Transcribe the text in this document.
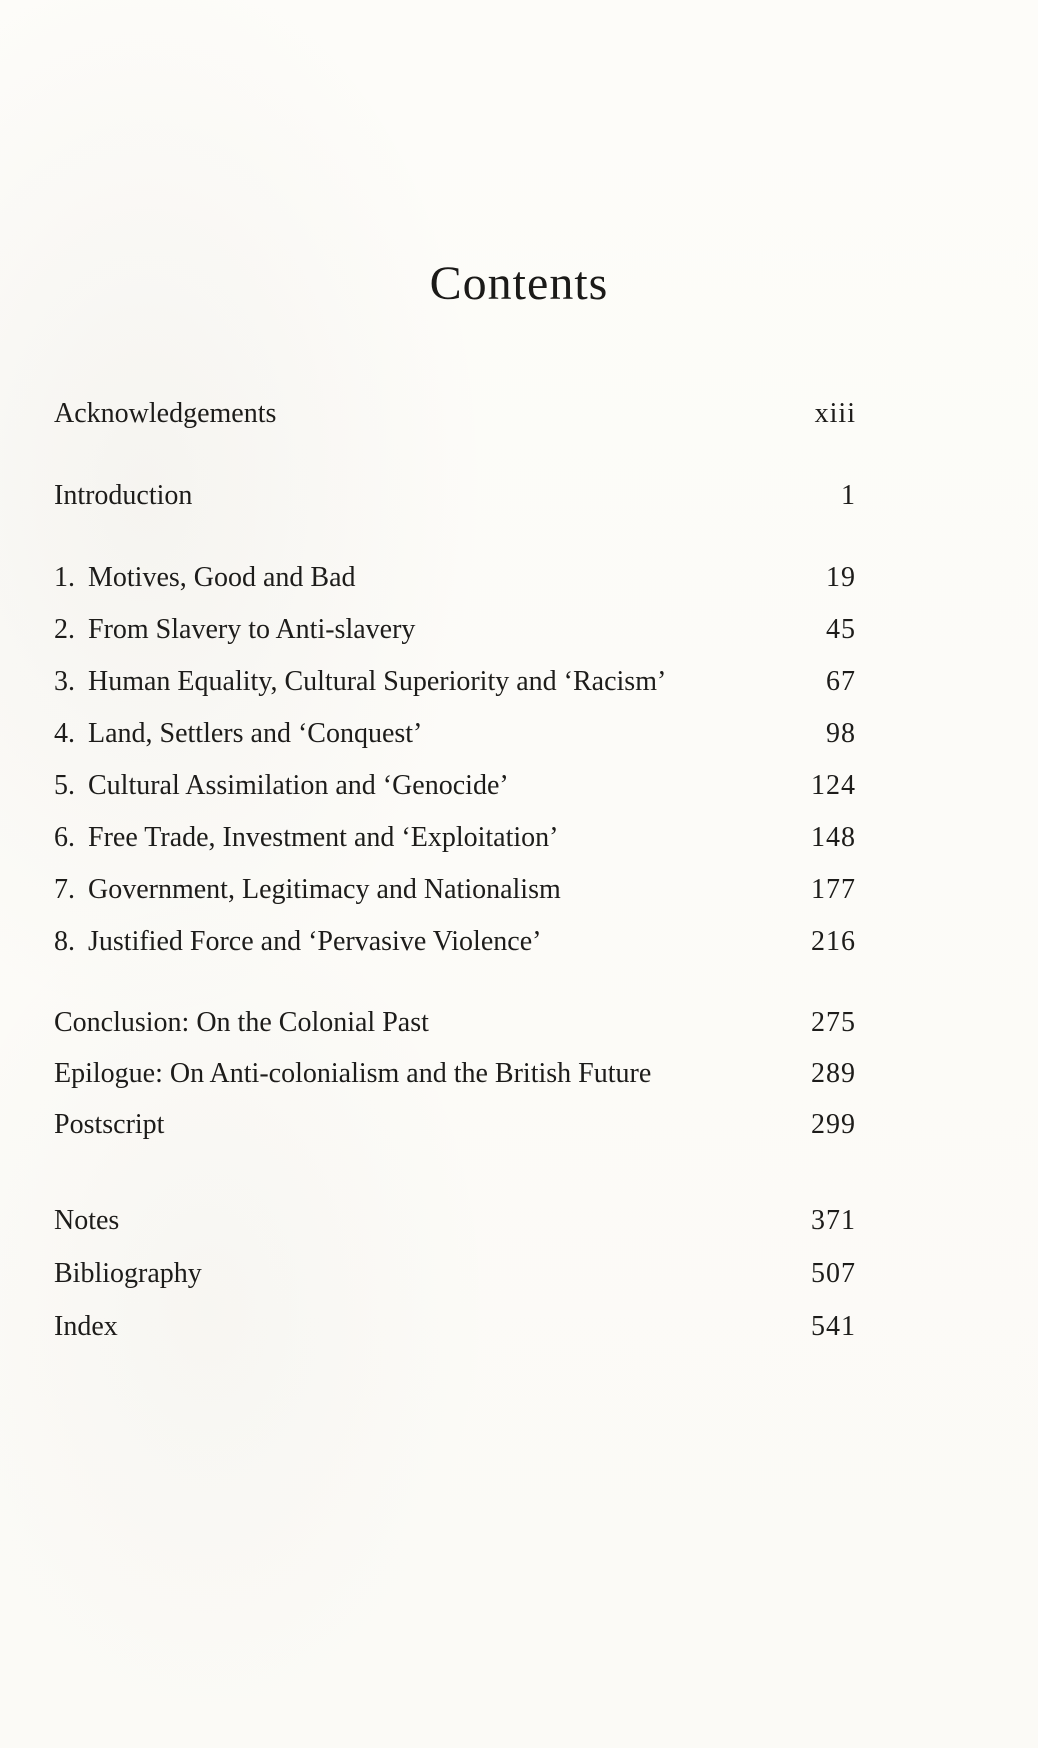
Contents
Acknowledgements	xiii
Introduction	1
1. Motives, Good and Bad	19
2. From Slavery to Anti-slavery	45
3. Human Equality, Cultural Superiority and ‘Racism’	67
4. Land, Settlers and ‘Conquest’	98
5. Cultural Assimilation and ‘Genocide’	124
6. Free Trade, Investment and ‘Exploitation’	148
7. Government, Legitimacy and Nationalism	177
8. Justified Force and ‘Pervasive Violence’	216
Conclusion: On the Colonial Past	275
Epilogue: On Anti-colonialism and the British Future	289
Postscript	299
Notes	371
Bibliography	507
Index	541
